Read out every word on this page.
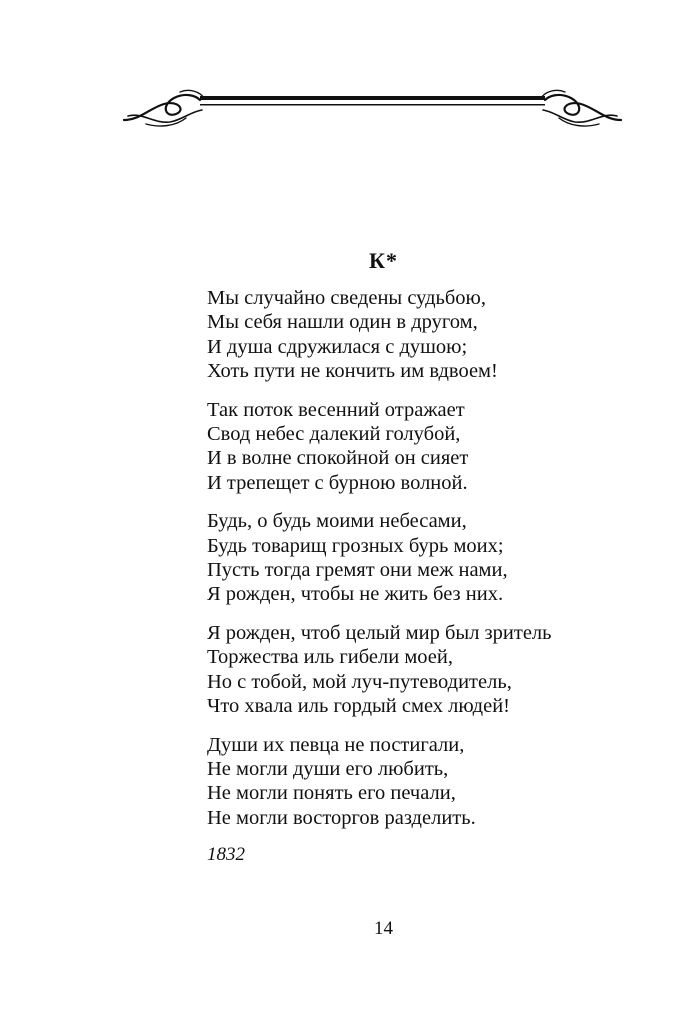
К*
Мы случайно сведены судьбою,
Мы себя нашли один в другом,
И душа сдружилася с душою;
Хоть пути не кончить им вдвоем!
Так поток весенний отражает
Свод небес далекий голубой,
И в волне спокойной он сияет
И трепещет с бурною волной.
Будь, о будь моими небесами,
Будь товарищ грозных бурь моих;
Пусть тогда гремят они меж нами,
Я рожден, чтобы не жить без них.
Я рожден, чтоб целый мир был зритель
Торжества иль гибели моей,
Но с тобой, мой луч-путеводитель,
Что хвала иль гордый смех людей!
Души их певца не постигали,
Не могли души его любить,
Не могли понять его печали,
Не могли восторгов разделить.
1832
14
